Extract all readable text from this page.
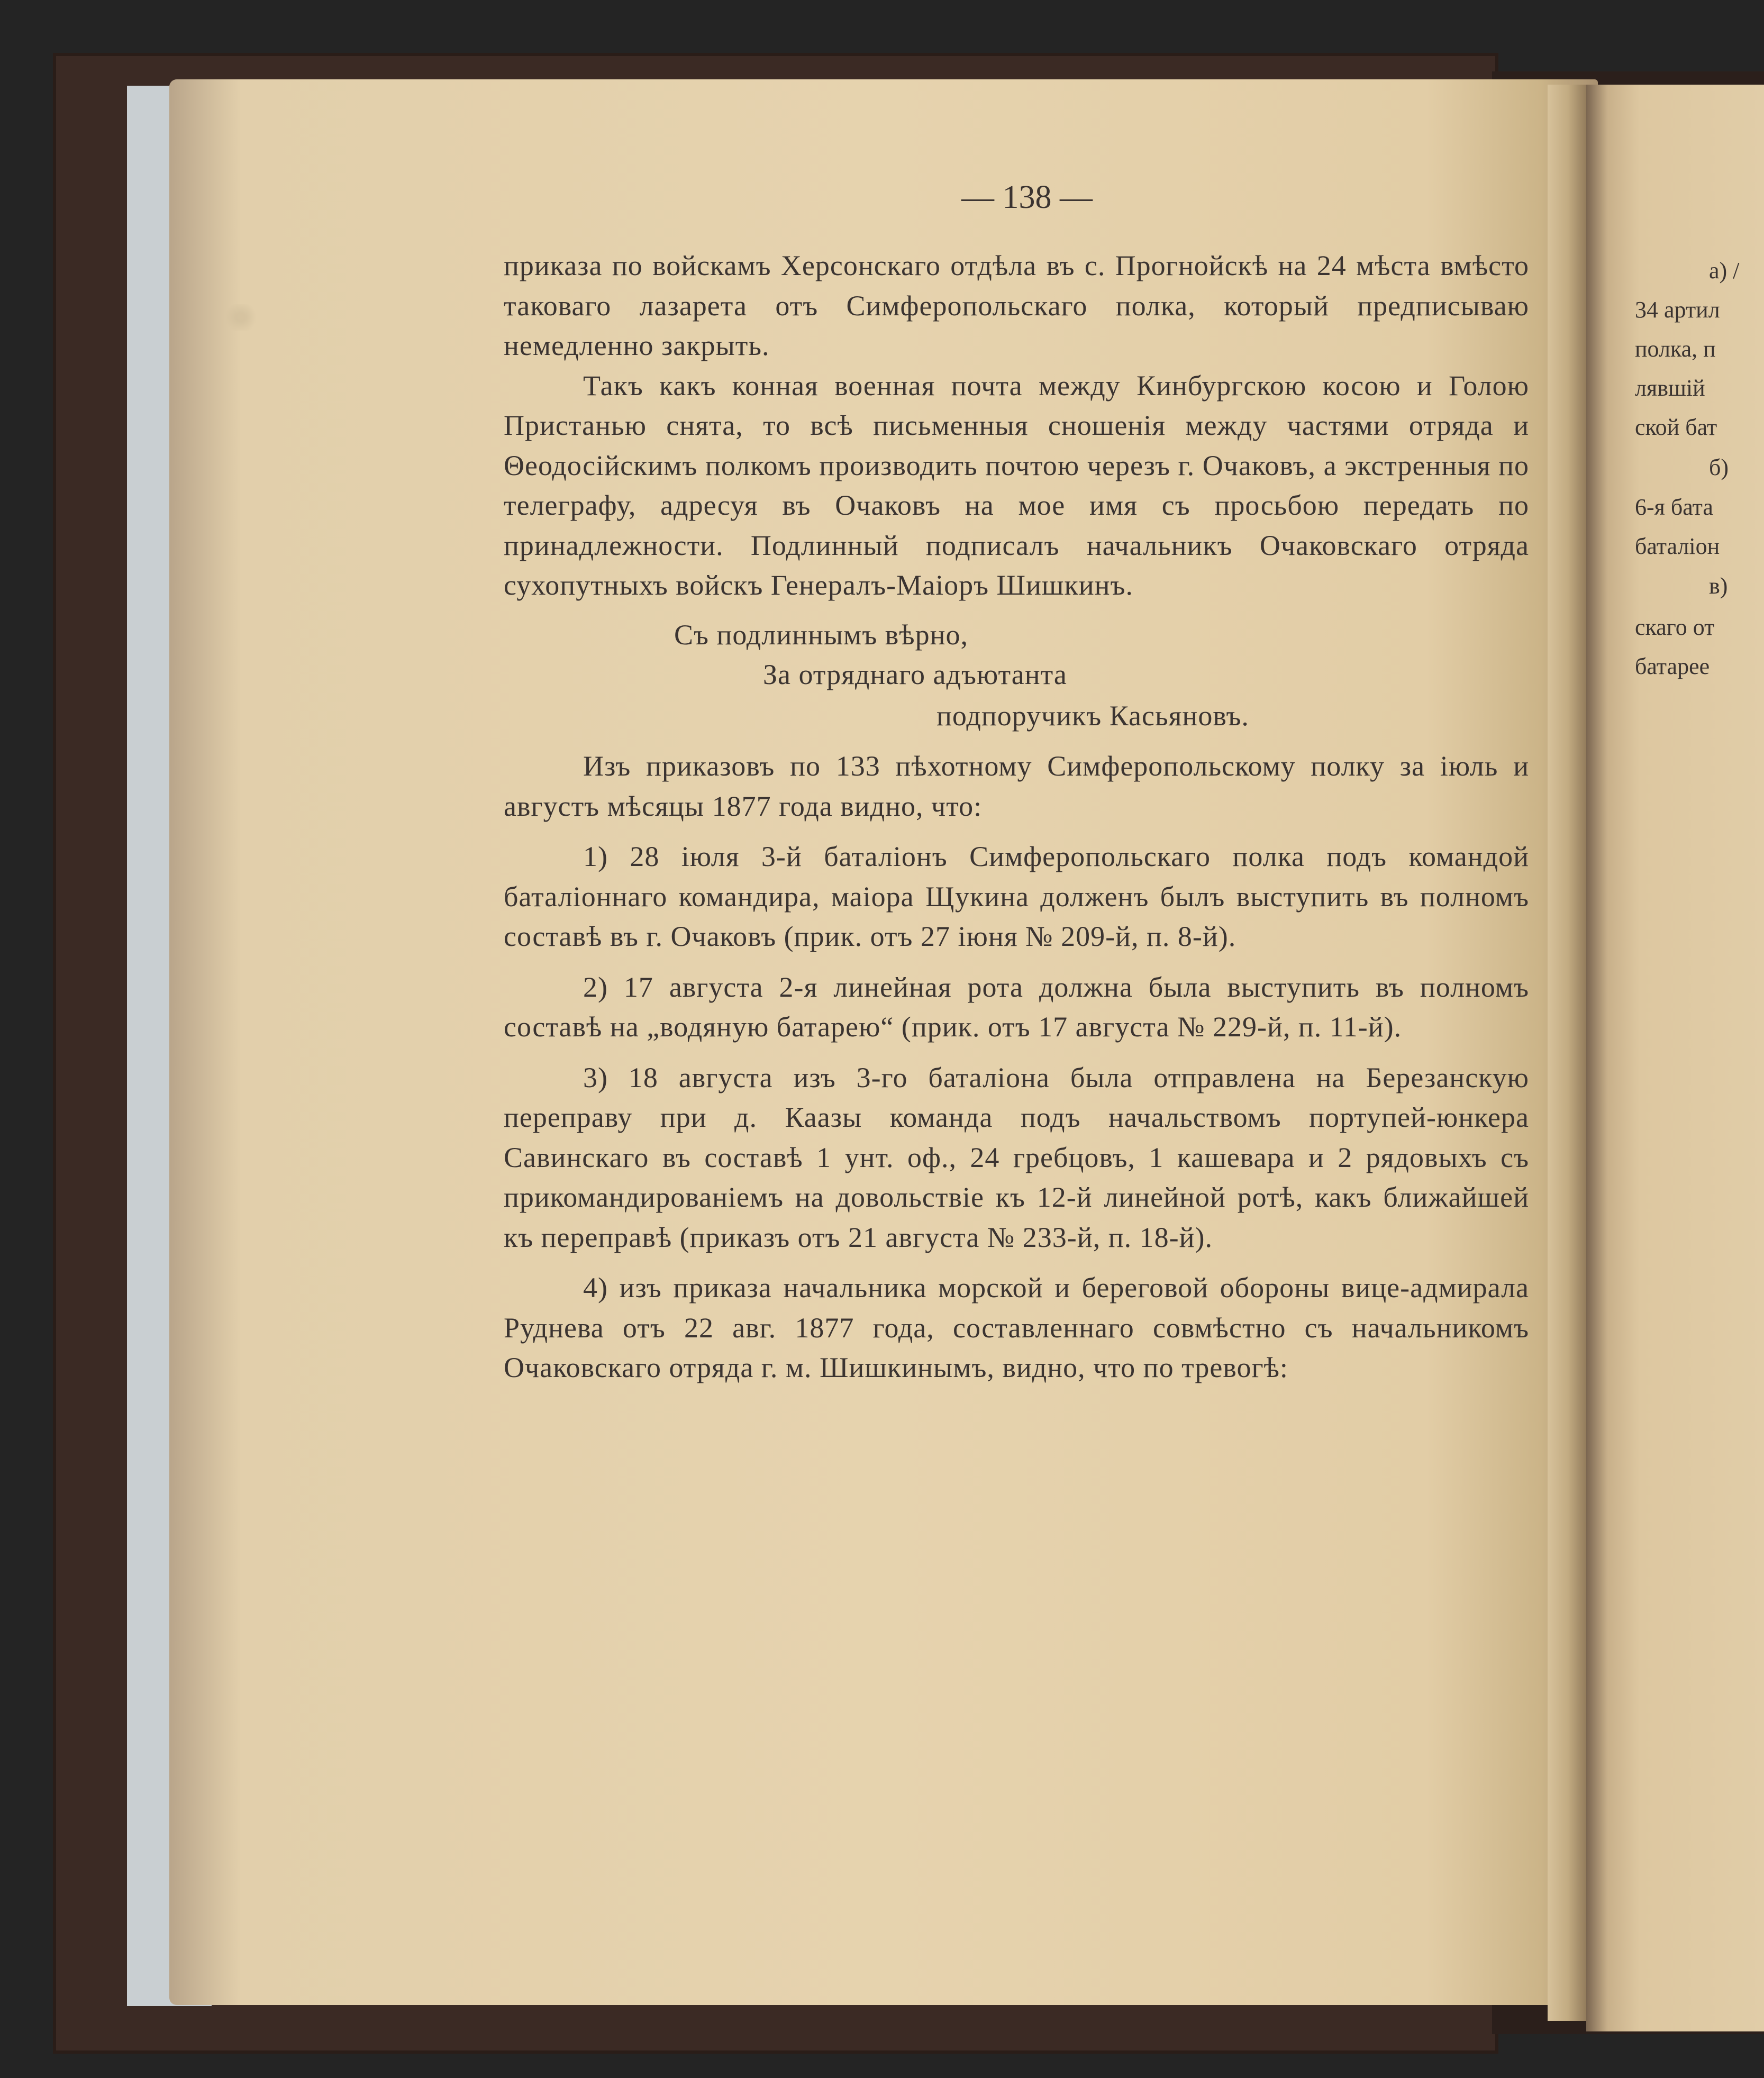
а) /
34 артил
полка, п
лявшій
ской бат
б)
6-я бата
баталіон
в)
скаго от
батарее
— 138 —

приказа по войскамъ Херсонскаго отдѣла въ с. Прогнойскѣ на 24 мѣста вмѣсто таковаго лазарета отъ Симферопольскаго полка, который предписываю немедленно закрыть.

Такъ какъ конная военная почта между Кинбургскою косою и Голою Пристанью снята, то всѣ письменныя сношенія между частями отряда и Θеодосійскимъ полкомъ производить почтою черезъ г. Очаковъ, а экстренныя по телеграфу, адресуя въ Очаковъ на мое имя съ просьбою передать по принадлежности. Подлинный подписалъ начальникъ Очаковскаго отряда сухопутныхъ войскъ Генералъ-Маіоръ Шишкинъ.

Съ подлиннымъ вѣрно,

За отряднаго адъютанта

подпоручикъ Касьяновъ.

Изъ приказовъ по 133 пѣхотному Симферопольскому полку за іюль и августъ мѣсяцы 1877 года видно, что:

1) 28 іюля 3-й баталіонъ Симферопольскаго полка подъ командой баталіоннаго командира, маіора Щукина долженъ былъ выступить въ полномъ составѣ въ г. Очаковъ (прик. отъ 27 іюня № 209-й, п. 8-й).

2) 17 августа 2-я линейная рота должна была выступить въ полномъ составѣ на „водяную батарею“ (прик. отъ 17 августа № 229-й, п. 11-й).

3) 18 августа изъ 3-го баталіона была отправлена на Березанскую переправу при д. Каазы команда подъ начальствомъ портупей-юнкера Савинскаго въ составѣ 1 унт. оф., 24 гребцовъ, 1 кашевара и 2 рядовыхъ съ прикомандированіемъ на довольствіе къ 12-й линейной ротѣ, какъ ближайшей къ переправѣ (приказъ отъ 21 августа № 233-й, п. 18-й).

4) изъ приказа начальника морской и береговой обороны вице-адмирала Руднева отъ 22 авг. 1877 года, составленнаго совмѣстно съ начальникомъ Очаковскаго отряда г. м. Шишкинымъ, видно, что по тревогѣ:
